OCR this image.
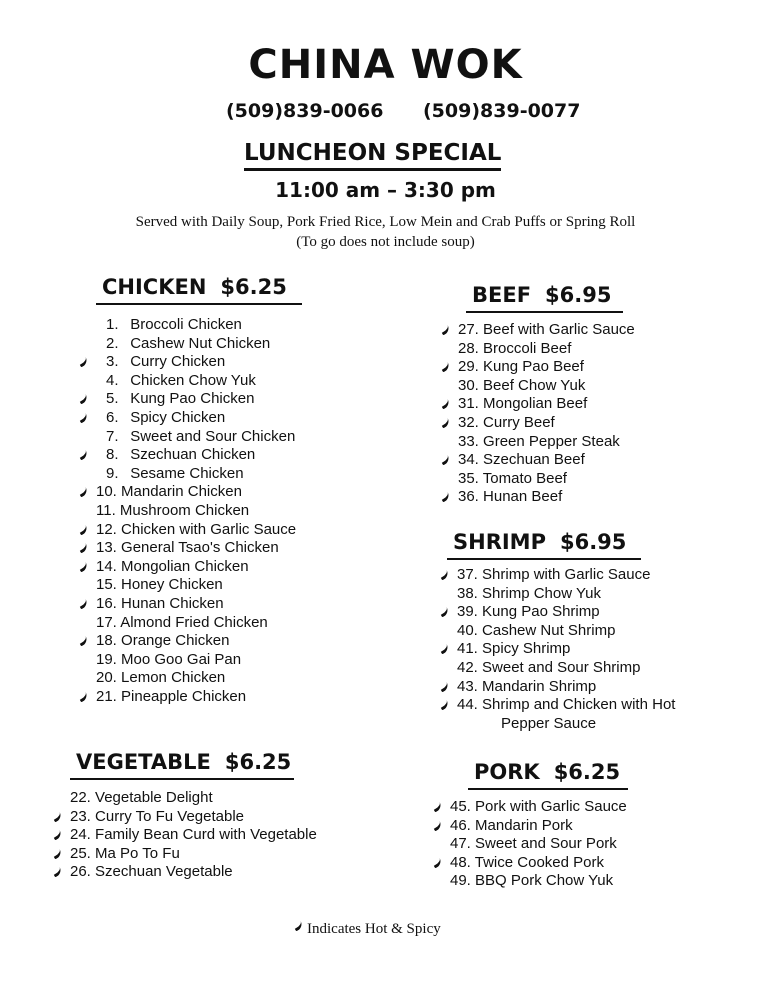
CHINA WOK
(509)839-0066 (509)839-0077
LUNCHEON SPECIAL
11:00 am – 3:30 pm
Served with Daily Soup, Pork Fried Rice, Low Mein and Crab Puffs or Spring Roll
(To go does not include soup)
CHICKEN $6.25
1.   Broccoli Chicken
2.   Cashew Nut Chicken
3.   Curry Chicken
4.   Chicken Chow Yuk
5.   Kung Pao Chicken
6.   Spicy Chicken
7.   Sweet and Sour Chicken
8.   Szechuan Chicken
9.   Sesame Chicken
10. Mandarin Chicken
11. Mushroom Chicken
12. Chicken with Garlic Sauce
13. General Tsao's Chicken
14. Mongolian Chicken
15. Honey Chicken
16. Hunan Chicken
17. Almond Fried Chicken
18. Orange Chicken
19. Moo Goo Gai Pan
20. Lemon Chicken
21. Pineapple Chicken
VEGETABLE $6.25
22. Vegetable Delight
23. Curry To Fu Vegetable
24. Family Bean Curd with Vegetable
25. Ma Po To Fu
26. Szechuan Vegetable
BEEF $6.95
27. Beef with Garlic Sauce
28. Broccoli Beef
29. Kung Pao Beef
30. Beef Chow Yuk
31. Mongolian Beef
32. Curry Beef
33. Green Pepper Steak
34. Szechuan Beef
35. Tomato Beef
36. Hunan Beef
SHRIMP $6.95
37. Shrimp with Garlic Sauce
38. Shrimp Chow Yuk
39. Kung Pao Shrimp
40. Cashew Nut Shrimp
41. Spicy Shrimp
42. Sweet and Sour Shrimp
43. Mandarin Shrimp
44. Shrimp and Chicken with Hot
Pepper Sauce
PORK $6.25
45. Pork with Garlic Sauce
46. Mandarin Pork
47. Sweet and Sour Pork
48. Twice Cooked Pork
49. BBQ Pork Chow Yuk
Indicates Hot & Spicy
